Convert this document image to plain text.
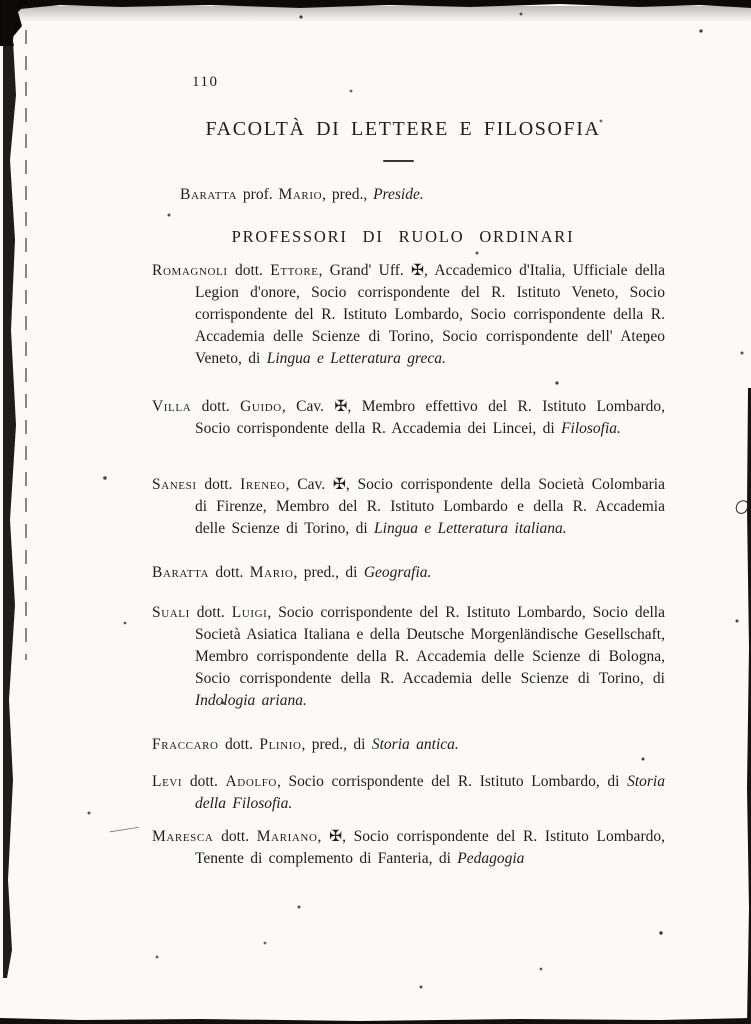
110
FACOLTÀ DI LETTERE E FILOSOFIA

Baratta prof. Mario, pred., Preside.

PROFESSORI DI RUOLO ORDINARI

Romagnoli dott. Ettore, Grand' Uff. ✠, Accademico d'Italia, Ufficiale della Legion d'onore, Socio corrispondente del R. Istituto Veneto, Socio corrispondente del R. Istituto Lombardo, Socio corrispondente della R. Accademia delle Scienze di Torino, Socio corrispondente dell' Ateneo Veneto, di Lingua e Letteratura greca.

Villa dott. Guido, Cav. ✠, Membro effettivo del R. Istituto Lombardo, Socio corrispondente della R. Accademia dei Lincei, di Filosofia.

Sanesi dott. Ireneo, Cav. ✠, Socio corrispondente della Società Colombaria di Firenze, Membro del R. Istituto Lombardo e della R. Accademia delle Scienze di Torino, di Lingua e Letteratura italiana.

Baratta dott. Mario, pred., di Geografia.

Suali dott. Luigi, Socio corrispondente del R. Istituto Lombardo, Socio della Società Asiatica Italiana e della Deutsche Morgenländische Gesellschaft, Membro corrispondente della R. Accademia delle Scienze di Bologna, Socio corrispondente della R. Accademia delle Scienze di Torino, di Indologia ariana.

Fraccaro dott. Plinio, pred., di Storia antica.

Levi dott. Adolfo, Socio corrispondente del R. Istituto Lombardo, di Storia della Filosofia.

Maresca dott. Mariano, ✠, Socio corrispondente del R. Istituto Lombardo, Tenente di complemento di Fanteria, di Pedagogia
